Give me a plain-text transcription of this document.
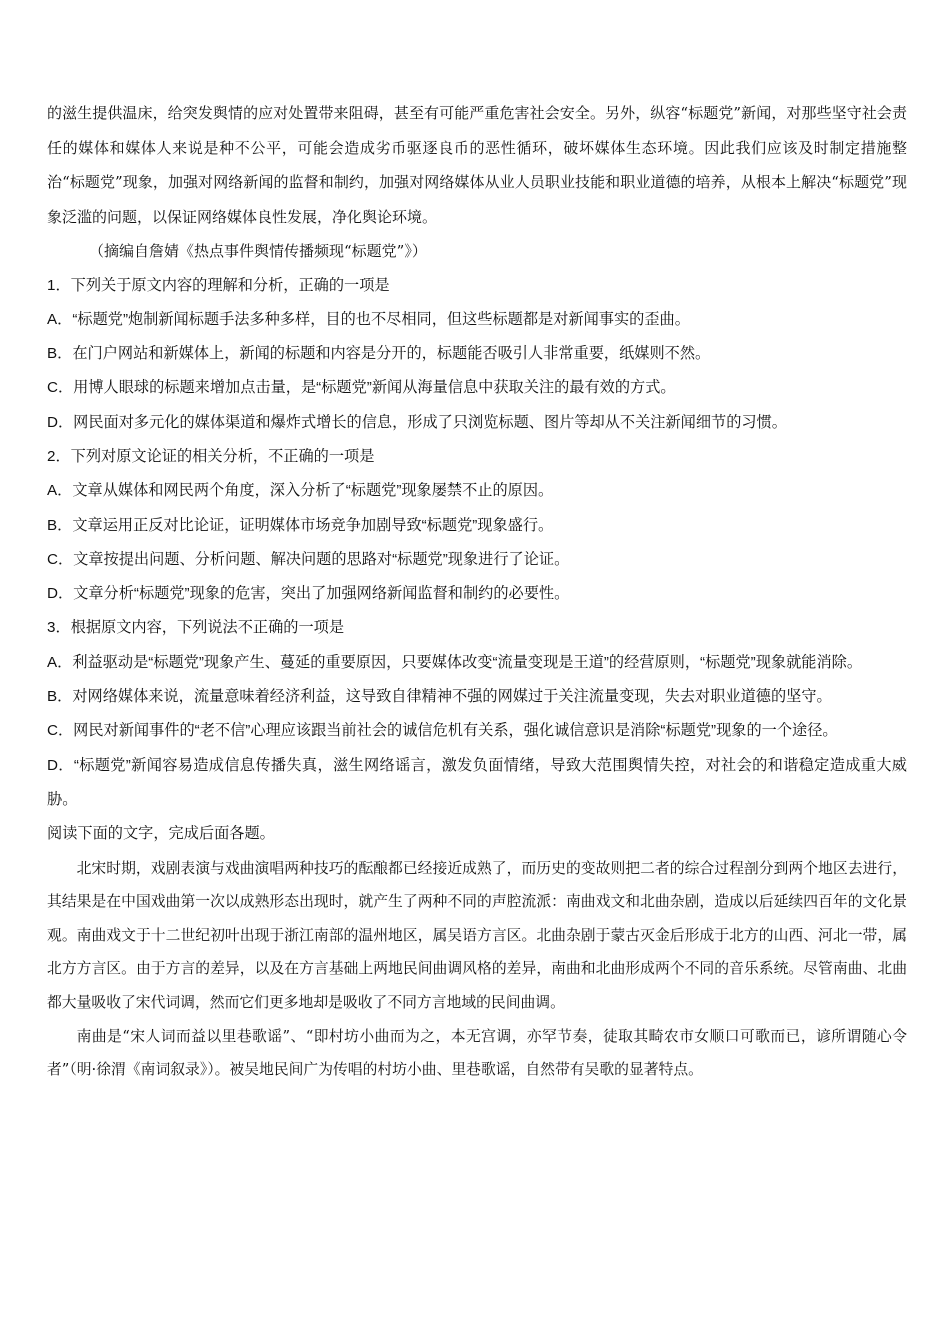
的滋生提供温床，给突发舆情的应对处置带来阻碍，甚至有可能严重危害社会安全。另外，纵容“标题党”新闻，对那些坚守社会责任的媒体和媒体人来说是种不公平，可能会造成劣币驱逐良币的恶性循环，破坏媒体生态环境。因此我们应该及时制定措施整治“标题党”现象，加强对网络新闻的监督和制约，加强对网络媒体从业人员职业技能和职业道德的培养，从根本上解决“标题党”现象泛滥的问题，以保证网络媒体良性发展，净化舆论环境。

（摘编自詹婧《热点事件舆情传播频现“标题党”》）

1．下列关于原文内容的理解和分析，正确的一项是

A．“标题党”炮制新闻标题手法多种多样，目的也不尽相同，但这些标题都是对新闻事实的歪曲。

B．在门户网站和新媒体上，新闻的标题和内容是分开的，标题能否吸引人非常重要，纸媒则不然。

C．用博人眼球的标题来增加点击量，是“标题党”新闻从海量信息中获取关注的最有效的方式。

D．网民面对多元化的媒体渠道和爆炸式增长的信息，形成了只浏览标题、图片等却从不关注新闻细节的习惯。

2．下列对原文论证的相关分析，不正确的一项是

A．文章从媒体和网民两个角度，深入分析了“标题党”现象屡禁不止的原因。

B．文章运用正反对比论证，证明媒体市场竞争加剧导致“标题党”现象盛行。

C．文章按提出问题、分析问题、解决问题的思路对“标题党”现象进行了论证。

D．文章分析“标题党”现象的危害，突出了加强网络新闻监督和制约的必要性。

3．根据原文内容，下列说法不正确的一项是

A．利益驱动是“标题党”现象产生、蔓延的重要原因，只要媒体改变“流量变现是王道”的经营原则，“标题党”现象就能消除。

B．对网络媒体来说，流量意味着经济利益，这导致自律精神不强的网媒过于关注流量变现，失去对职业道德的坚守。

C．网民对新闻事件的“老不信”心理应该跟当前社会的诚信危机有关系，强化诚信意识是消除“标题党”现象的一个途径。

D．“标题党”新闻容易造成信息传播失真，滋生网络谣言，激发负面情绪，导致大范围舆情失控，对社会的和谐稳定造成重大威胁。

阅读下面的文字，完成后面各题。

北宋时期，戏剧表演与戏曲演唱两种技巧的酝酿都已经接近成熟了，而历史的变故则把二者的综合过程剖分到两个地区去进行，其结果是在中国戏曲第一次以成熟形态出现时，就产生了两种不同的声腔流派：南曲戏文和北曲杂剧，造成以后延续四百年的文化景观。南曲戏文于十二世纪初叶出现于浙江南部的温州地区，属吴语方言区。北曲杂剧于蒙古灭金后形成于北方的山西、河北一带，属北方方言区。由于方言的差异，以及在方言基础上两地民间曲调风格的差异，南曲和北曲形成两个不同的音乐系统。尽管南曲、北曲都大量吸收了宋代词调，然而它们更多地却是吸收了不同方言地域的民间曲调。

南曲是“宋人词而益以里巷歌谣”、“即村坊小曲而为之，本无宫调，亦罕节奏，徒取其畸农市女顺口可歌而已，谚所谓随心令者”（明·徐渭《南词叙录》）。被吴地民间广为传唱的村坊小曲、里巷歌谣，自然带有吴歌的显著特点。
